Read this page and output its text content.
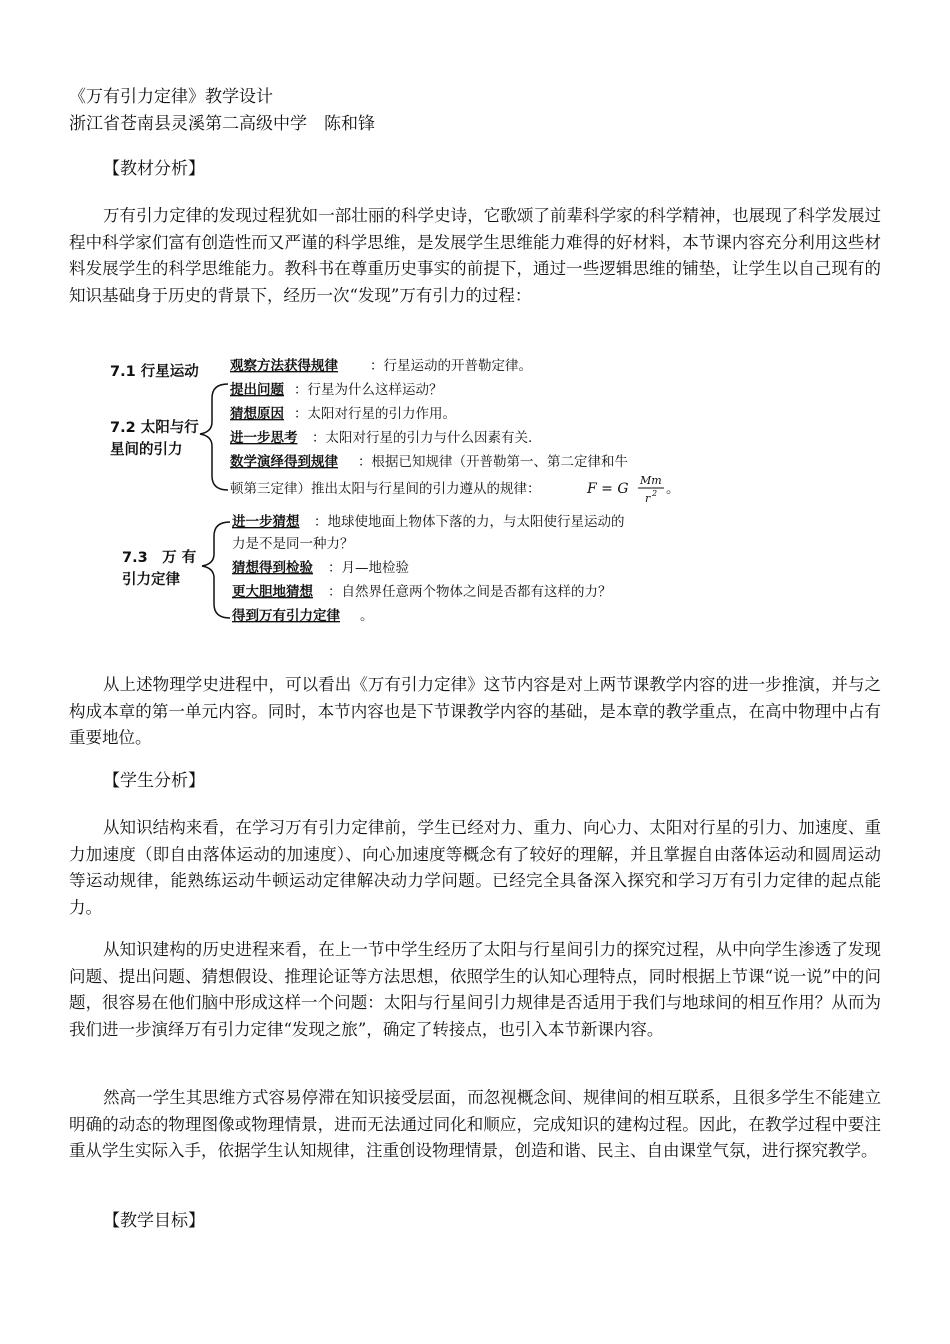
《万有引力定律》教学设计
浙江省苍南县灵溪第二高级中学　陈和锋
【教材分析】

万有引力定律的发现过程犹如一部壮丽的科学史诗，它歌颂了前辈科学家的科学精神，也展现了科学发展过程中科学家们富有创造性而又严谨的科学思维，是发展学生思维能力难得的好材料，本节课内容充分利用这些材料发展学生的科学思维能力。教科书在尊重历史事实的前提下，通过一些逻辑思维的铺垫，让学生以自己现有的知识基础身于历史的背景下，经历一次“发现”万有引力的过程：

7.1 行星运动 观察方法获得规律 ：行星运动的开普勒定律。
7.2 太阳与行
星间的引力
提出问题 ：行星为什么这样运动？
猜想原因 ：太阳对行星的引力作用。
进一步思考 ：太阳对行星的引力与什么因素有关.
数学演绎得到规律 ：根据已知规律（开普勒第一、第二定律和牛
顿第三定律）推出太阳与行星间的引力遵从的规律：	F = G
Mm
r 2 。
7.3　万 有
引力定律
进一步猜想 ：地球使地面上物体下落的力，与太阳使行星运动的
力是不是同一种力？
猜想得到检验 ：月—地检验
更大胆地猜想 ：自然界任意两个物体之间是否都有这样的力？
得到万有引力定律 。

从上述物理学史进程中，可以看出《万有引力定律》这节内容是对上两节课教学内容的进一步推演，并与之构成本章的第一单元内容。同时，本节内容也是下节课教学内容的基础，是本章的教学重点，在高中物理中占有重要地位。

【学生分析】

从知识结构来看，在学习万有引力定律前，学生已经对力、重力、向心力、太阳对行星的引力、加速度、重力加速度（即自由落体运动的加速度）、向心加速度等概念有了较好的理解，并且掌握自由落体运动和圆周运动等运动规律，能熟练运动牛顿运动定律解决动力学问题。已经完全具备深入探究和学习万有引力定律的起点能力。

从知识建构的历史进程来看，在上一节中学生经历了太阳与行星间引力的探究过程，从中向学生渗透了发现问题、提出问题、猜想假设、推理论证等方法思想，依照学生的认知心理特点，同时根据上节课“说一说”中的问题，很容易在他们脑中形成这样一个问题：太阳与行星间引力规律是否适用于我们与地球间的相互作用？从而为我们进一步演绎万有引力定律“发现之旅”，确定了转接点，也引入本节新课内容。

然高一学生其思维方式容易停滞在知识接受层面，而忽视概念间、规律间的相互联系，且很多学生不能建立明确的动态的物理图像或物理情景，进而无法通过同化和顺应，完成知识的建构过程。因此，在教学过程中要注重从学生实际入手，依据学生认知规律，注重创设物理情景，创造和谐、民主、自由课堂气氛，进行探究教学。

【教学目标】
